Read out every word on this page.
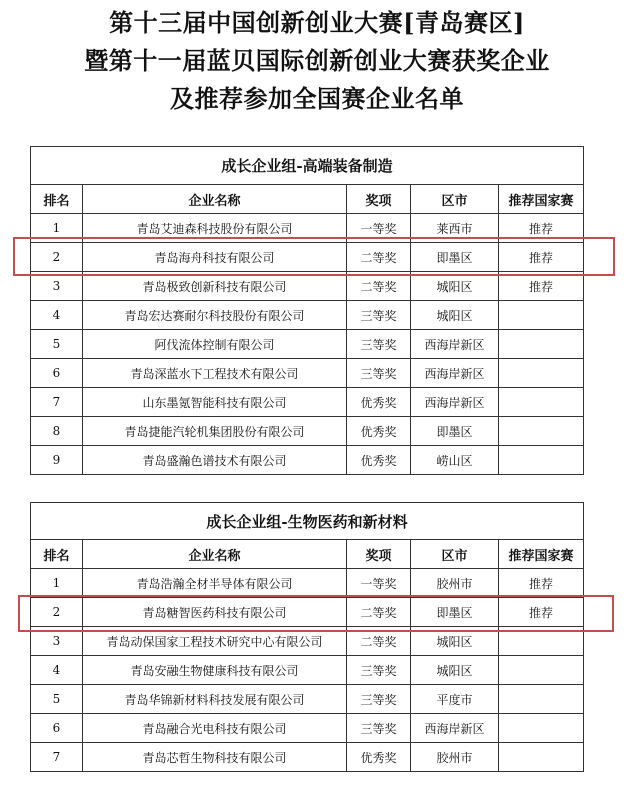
第十三届中国创新创业大赛[青岛赛区]
暨第十一届蓝贝国际创新创业大赛获奖企业
及推荐参加全国赛企业名单
成长企业组-高端装备制造				
排名	企业名称	奖项	区市	推荐国家赛
1	青岛艾迪森科技股份有限公司	一等奖	莱西市	推荐
2	青岛海舟科技有限公司	二等奖	即墨区	推荐
3	青岛极致创新科技有限公司	二等奖	城阳区	推荐
4	青岛宏达赛耐尔科技股份有限公司	三等奖	城阳区	
5	阿伐流体控制有限公司	三等奖	西海岸新区	
6	青岛深蓝水下工程技术有限公司	三等奖	西海岸新区	
7	山东墨氪智能科技有限公司	优秀奖	西海岸新区	
8	青岛捷能汽轮机集团股份有限公司	优秀奖	即墨区	
9	青岛盛瀚色谱技术有限公司	优秀奖	崂山区	
成长企业组-生物医药和新材料				
排名	企业名称	奖项	区市	推荐国家赛
1	青岛浩瀚全材半导体有限公司	一等奖	胶州市	推荐
2	青岛糖智医药科技有限公司	二等奖	即墨区	推荐
3	青岛动保国家工程技术研究中心有限公司	二等奖	城阳区	
4	青岛安融生物健康科技有限公司	三等奖	城阳区	
5	青岛华锦新材料科技发展有限公司	三等奖	平度市	
6	青岛融合光电科技有限公司	三等奖	西海岸新区	
7	青岛芯哲生物科技有限公司	优秀奖	胶州市	
